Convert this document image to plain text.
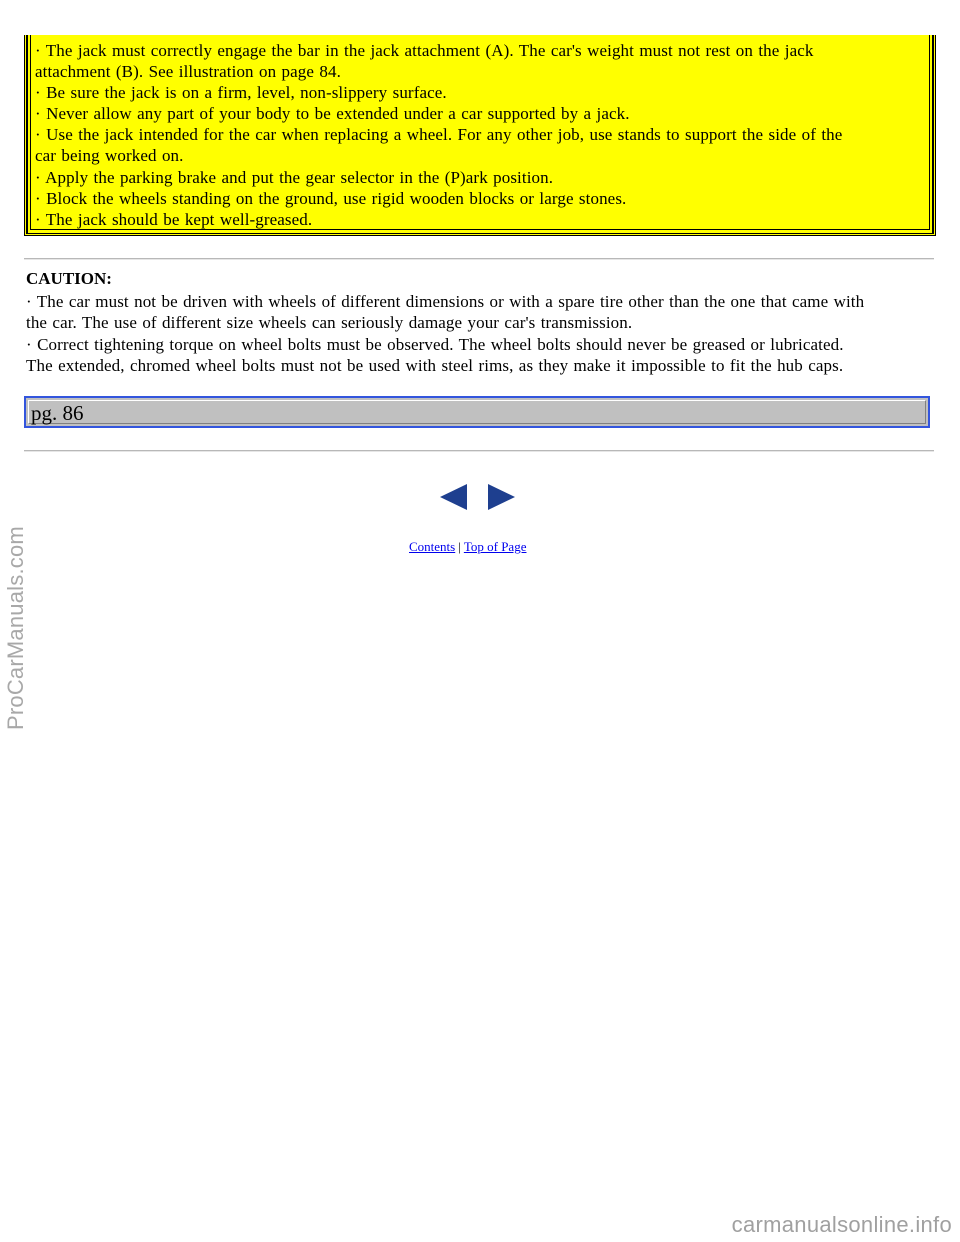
· The jack must correctly engage the bar in the jack attachment (A). The car's weight must not rest on the jack
attachment (B). See illustration on page 84.
· Be sure the jack is on a firm, level, non-slippery surface.
· Never allow any part of your body to be extended under a car supported by a jack.
· Use the jack intended for the car when replacing a wheel. For any other job, use stands to support the side of the
car being worked on.
· Apply the parking brake and put the gear selector in the (P)ark position.
· Block the wheels standing on the ground, use rigid wooden blocks or large stones.
· The jack should be kept well-greased.
CAUTION:
· The car must not be driven with wheels of different dimensions or with a spare tire other than the one that came with
the car. The use of different size wheels can seriously damage your car's transmission.
· Correct tightening torque on wheel bolts must be observed. The wheel bolts should never be greased or lubricated.
The extended, chromed wheel bolts must not be used with steel rims, as they make it impossible to fit the hub caps.
pg. 86
Contents | Top of Page
ProCarManuals.com
carmanualsonline.info
